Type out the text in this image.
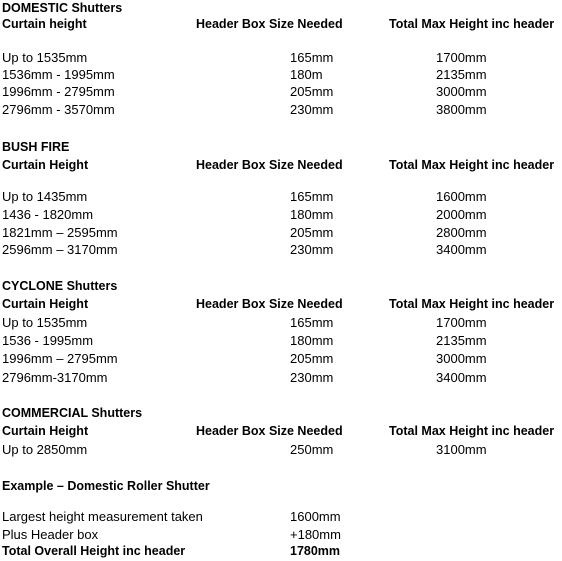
DOMESTIC Shutters
Curtain height	Header Box Size Needed	Total Max Height inc header
Up to 1535mm	165mm	1700mm
1536mm - 1995mm	180m	2135mm
1996mm - 2795mm	205mm	3000mm
2796mm - 3570mm	230mm	3800mm
BUSH FIRE
Curtain Height	Header Box Size Needed	Total Max Height inc header
Up to 1435mm	165mm	1600mm
1436 - 1820mm	180mm	2000mm
1821mm – 2595mm	205mm	2800mm
2596mm – 3170mm	230mm	3400mm
CYCLONE Shutters
Curtain Height	Header Box Size Needed	Total Max Height inc header
Up to 1535mm	165mm	1700mm
1536 - 1995mm	180mm	2135mm
1996mm – 2795mm	205mm	3000mm
2796mm-3170mm	230mm	3400mm
COMMERCIAL Shutters
Curtain Height	Header Box Size Needed	Total Max Height inc header
Up to 2850mm	250mm	3100mm
Example – Domestic Roller Shutter
Largest height measurement taken	1600mm
Plus Header box	+180mm
Total Overall Height inc header	1780mm
